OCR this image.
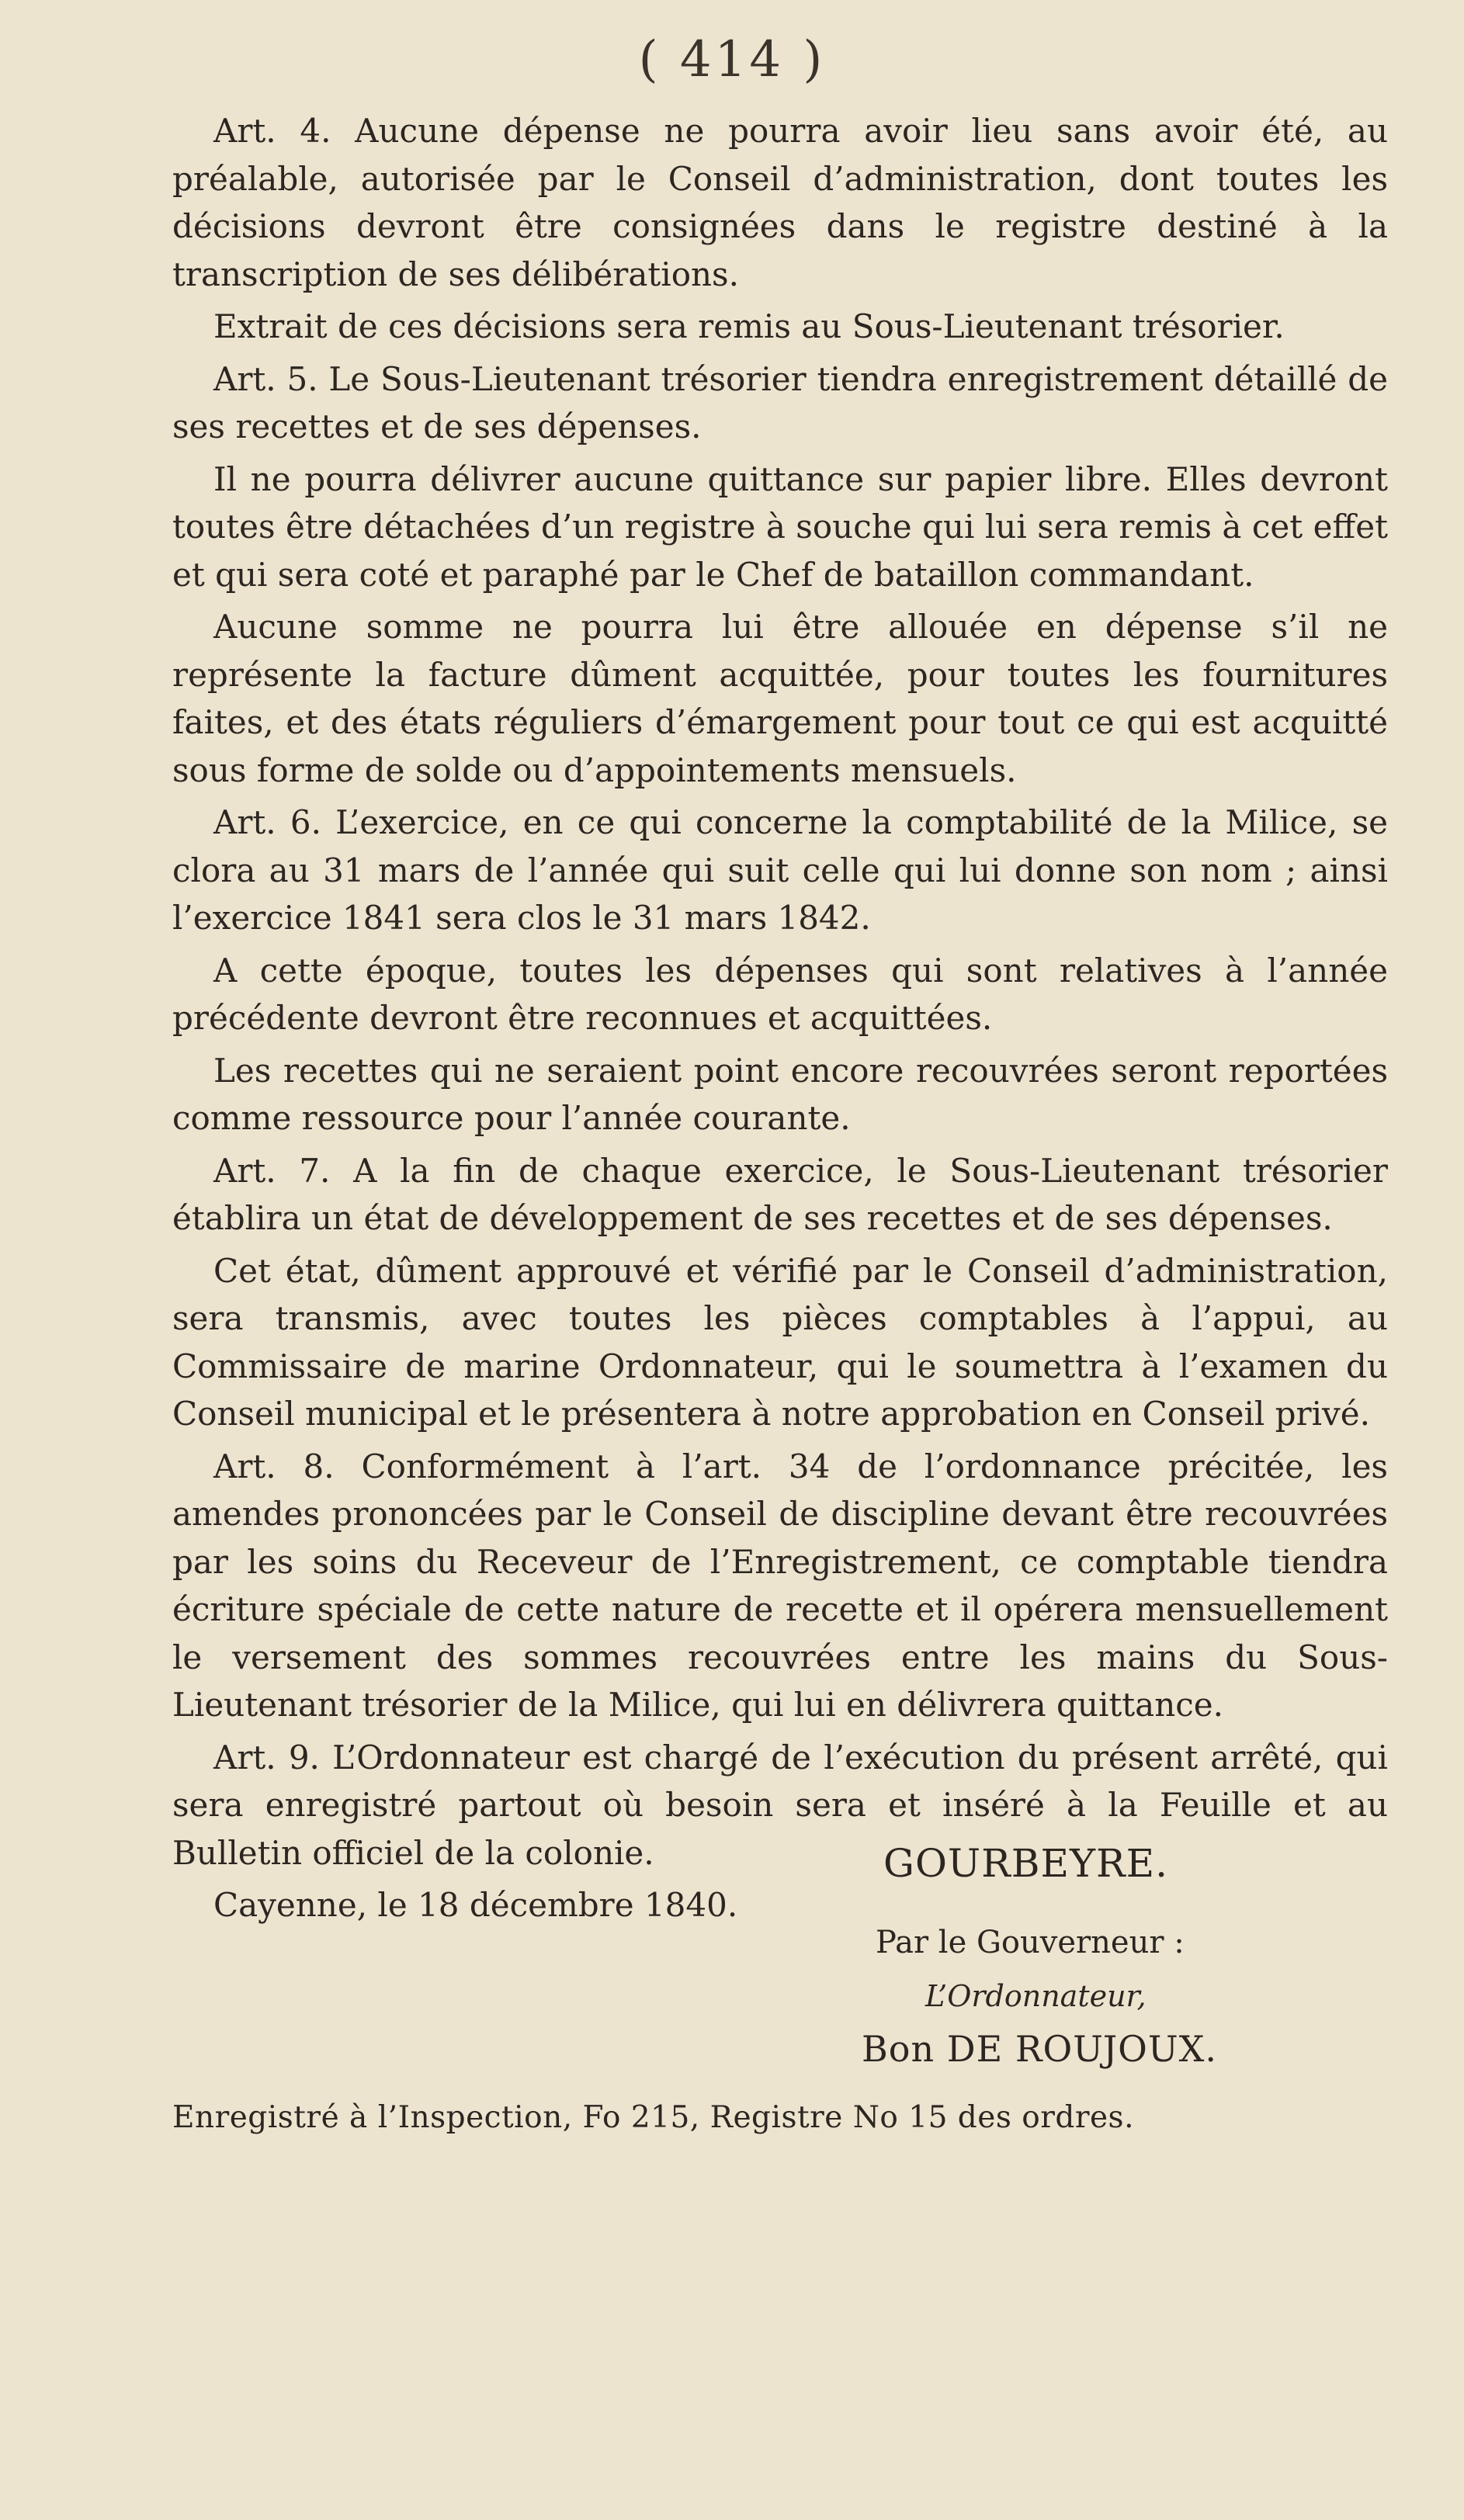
( 414 )

Art. 4. Aucune dépense ne pourra avoir lieu sans avoir été, au préalable, autorisée par le Conseil d’administration, dont toutes les décisions devront être consignées dans le registre destiné à la transcription de ses délibérations.

Extrait de ces décisions sera remis au Sous-Lieutenant trésorier.

Art. 5. Le Sous-Lieutenant trésorier tiendra enregistrement détaillé de ses recettes et de ses dépenses.

Il ne pourra délivrer aucune quittance sur papier libre. Elles devront toutes être détachées d’un registre à souche qui lui sera remis à cet effet et qui sera coté et paraphé par le Chef de bataillon commandant.

Aucune somme ne pourra lui être allouée en dépense s’il ne représente la facture dûment acquittée, pour toutes les fournitures faites, et des états réguliers d’émargement pour tout ce qui est acquitté sous forme de solde ou d’appointements mensuels.

Art. 6. L’exercice, en ce qui concerne la comptabilité de la Milice, se clora au 31 mars de l’année qui suit celle qui lui donne son nom ; ainsi l’exercice 1841 sera clos le 31 mars 1842.

A cette époque, toutes les dépenses qui sont relatives à l’année précédente devront être reconnues et acquittées.

Les recettes qui ne seraient point encore recouvrées seront reportées comme ressource pour l’année courante.

Art. 7. A la fin de chaque exercice, le Sous-Lieutenant trésorier établira un état de développement de ses recettes et de ses dépenses.

Cet état, dûment approuvé et vérifié par le Conseil d’administration, sera transmis, avec toutes les pièces comptables à l’appui, au Commissaire de marine Ordonnateur, qui le soumettra à l’examen du Conseil municipal et le présentera à notre approbation en Conseil privé.

Art. 8. Conformément à l’art. 34 de l’ordonnance précitée, les amendes prononcées par le Conseil de discipline devant être recouvrées par les soins du Receveur de l’Enregistrement, ce comptable tiendra écriture spéciale de cette nature de recette et il opérera mensuellement le versement des sommes recouvrées entre les mains du Sous-Lieutenant trésorier de la Milice, qui lui en délivrera quittance.

Art. 9. L’Ordonnateur est chargé de l’exécution du présent arrêté, qui sera enregistré partout où besoin sera et inséré à la Feuille et au Bulletin officiel de la colonie.

Cayenne, le 18 décembre 1840.

GOURBEYRE.
Par le Gouverneur :
L’Ordonnateur,
Bon DE ROUJOUX.
Enregistré à l’Inspection, Fo 215, Registre No 15 des ordres.
